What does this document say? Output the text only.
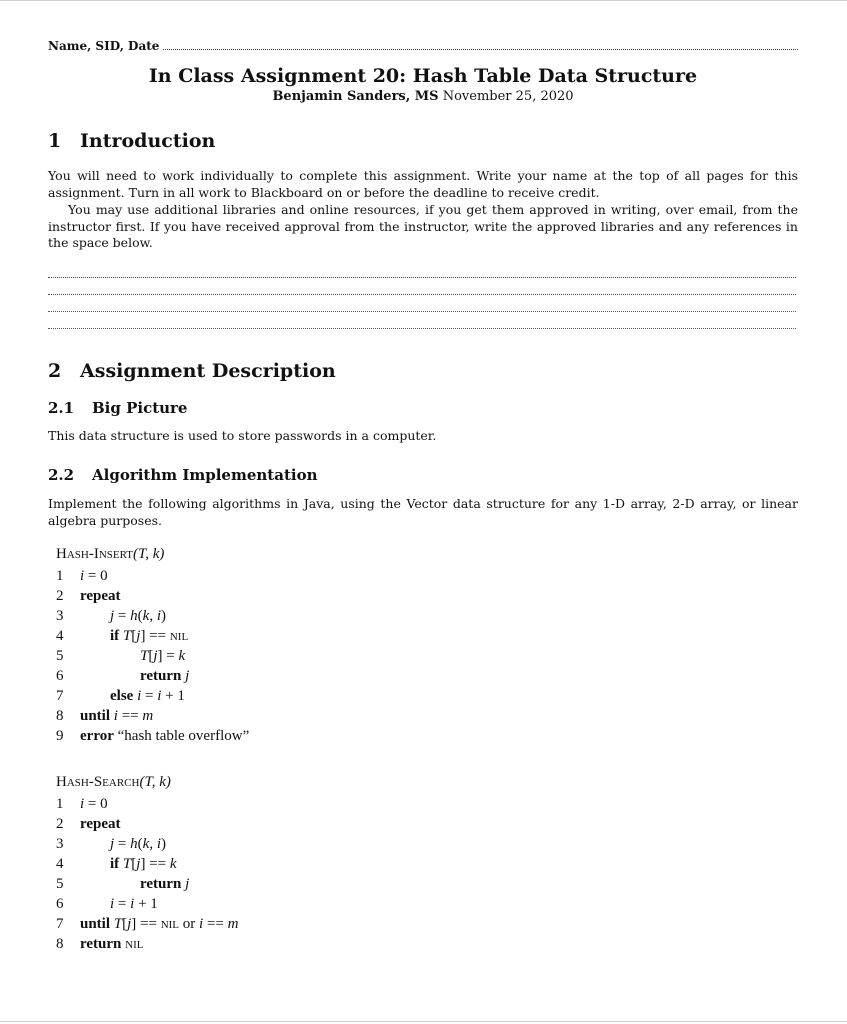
Name, SID, Date
In Class Assignment 20: Hash Table Data Structure
Benjamin Sanders, MS November 25, 2020
1 Introduction
You will need to work individually to complete this assignment. Write your name at the top of all pages for this assignment. Turn in all work to Blackboard on or before the deadline to receive credit.
You may use additional libraries and online resources, if you get them approved in writing, over email, from the instructor first. If you have received approval from the instructor, write the approved libraries and any references in the space below.
2 Assignment Description
2.1 Big Picture
This data structure is used to store passwords in a computer.
2.2 Algorithm Implementation
Implement the following algorithms in Java, using the Vector data structure for any 1-D array, 2-D array, or linear algebra purposes.
Hash-Insert(T, k)
1	i = 0
2	repeat
3	j = h(k, i)
4	if T[j] == nil
5	T[j] = k
6	return j
7	else i = i + 1
8	until i == m
9	error “hash table overflow”
Hash-Search(T, k)
1	i = 0
2	repeat
3	j = h(k, i)
4	if T[j] == k
5	return j
6	i = i + 1
7	until T[j] == nil or i == m
8	return nil
